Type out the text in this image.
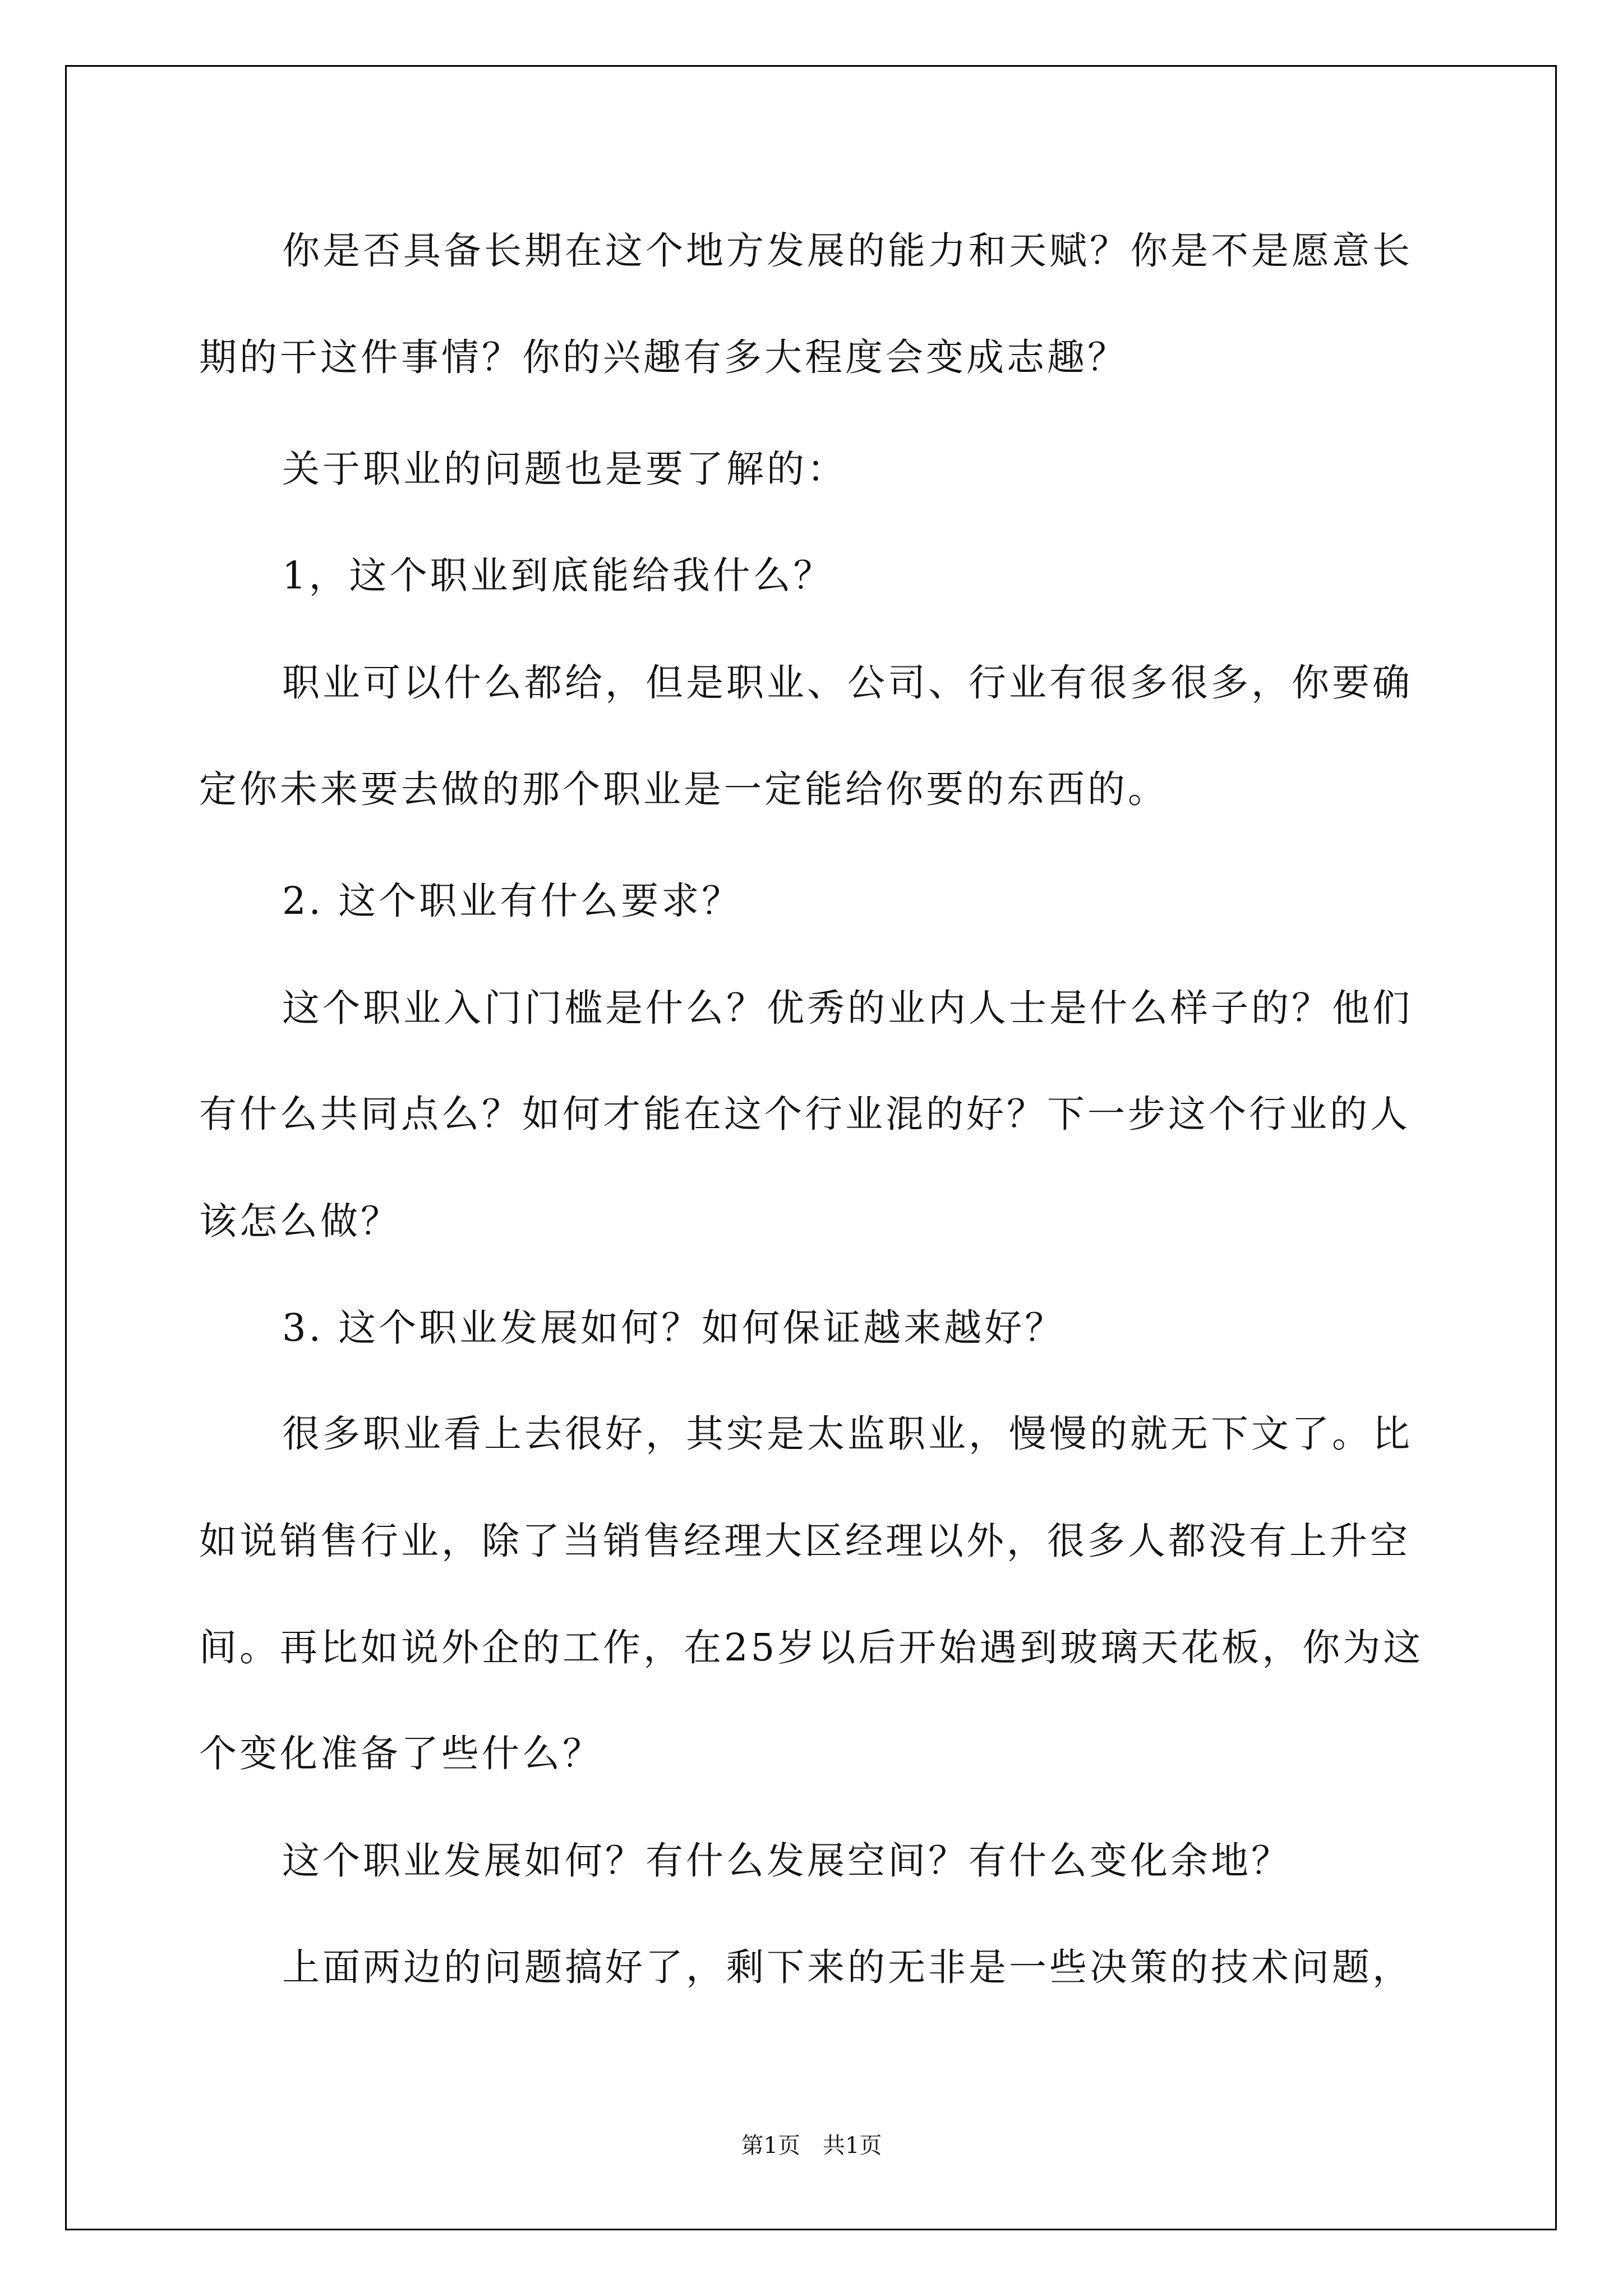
你是否具备长期在这个地方发展的能力和天赋？你是不是愿意长

期的干这件事情？你的兴趣有多大程度会变成志趣？

关于职业的问题也是要了解的：

1，这个职业到底能给我什么？

职业可以什么都给，但是职业、公司、行业有很多很多，你要确

定你未来要去做的那个职业是一定能给你要的东西的。

2. 这个职业有什么要求？

这个职业入门门槛是什么？优秀的业内人士是什么样子的？他们

有什么共同点么？如何才能在这个行业混的好？下一步这个行业的人

该怎么做？

3. 这个职业发展如何？如何保证越来越好？

很多职业看上去很好，其实是太监职业，慢慢的就无下文了。比

如说销售行业，除了当销售经理大区经理以外，很多人都没有上升空

间。再比如说外企的工作，在25岁以后开始遇到玻璃天花板，你为这

个变化准备了些什么？

这个职业发展如何？有什么发展空间？有什么变化余地？

上面两边的问题搞好了，剩下来的无非是一些决策的技术问题，

第1页　共1页
